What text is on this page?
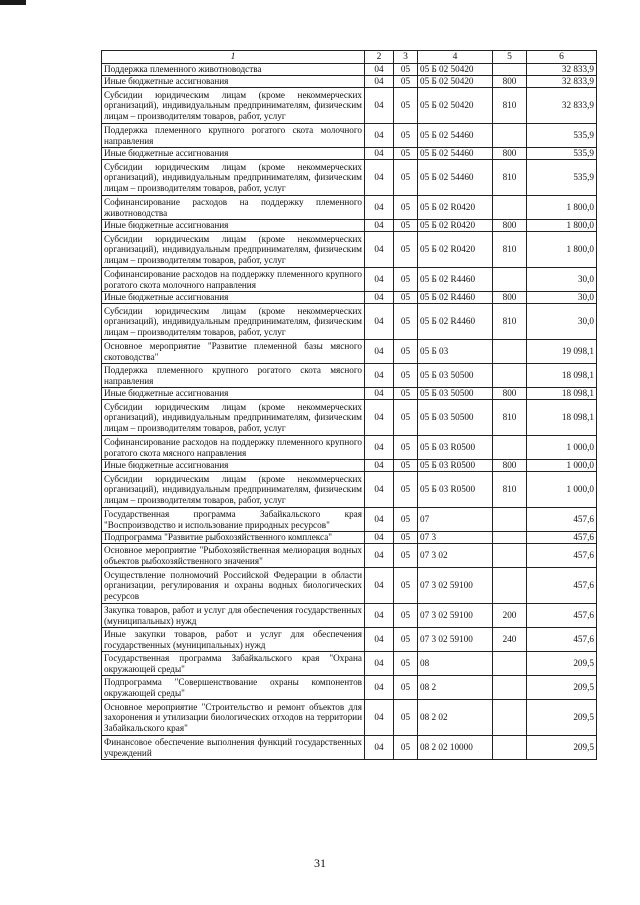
1	2	3	4	5	6
Поддержка племенного животноводства	04	05	05 Б 02 50420		32 833,9
Иные бюджетные ассигнования	04	05	05 Б 02 50420	800	32 833,9
Субсидии юридическим лицам (кроме некоммерческих организаций), индивидуальным предпринимателям, физическим лицам – производителям товаров, работ, услуг	04	05	05 Б 02 50420	810	32 833,9
Поддержка племенного крупного рогатого скота молочного направления	04	05	05 Б 02 54460		535,9
Иные бюджетные ассигнования	04	05	05 Б 02 54460	800	535,9
Субсидии юридическим лицам (кроме некоммерческих организаций), индивидуальным предпринимателям, физическим лицам – производителям товаров, работ, услуг	04	05	05 Б 02 54460	810	535,9
Софинансирование расходов на поддержку племенного животноводства	04	05	05 Б 02 R0420		1 800,0
Иные бюджетные ассигнования	04	05	05 Б 02 R0420	800	1 800,0
Субсидии юридическим лицам (кроме некоммерческих организаций), индивидуальным предпринимателям, физическим лицам – производителям товаров, работ, услуг	04	05	05 Б 02 R0420	810	1 800,0
Софинансирование расходов на поддержку племенного крупного рогатого скота молочного направления	04	05	05 Б 02 R4460		30,0
Иные бюджетные ассигнования	04	05	05 Б 02 R4460	800	30,0
Субсидии юридическим лицам (кроме некоммерческих организаций), индивидуальным предпринимателям, физическим лицам – производителям товаров, работ, услуг	04	05	05 Б 02 R4460	810	30,0
Основное мероприятие "Развитие племенной базы мясного скотоводства"	04	05	05 Б 03		19 098,1
Поддержка племенного крупного рогатого скота мясного направления	04	05	05 Б 03 50500		18 098,1
Иные бюджетные ассигнования	04	05	05 Б 03 50500	800	18 098,1
Субсидии юридическим лицам (кроме некоммерческих организаций), индивидуальным предпринимателям, физическим лицам – производителям товаров, работ, услуг	04	05	05 Б 03 50500	810	18 098,1
Софинансирование расходов на поддержку племенного крупного рогатого скота мясного направления	04	05	05 Б 03 R0500		1 000,0
Иные бюджетные ассигнования	04	05	05 Б 03 R0500	800	1 000,0
Субсидии юридическим лицам (кроме некоммерческих организаций), индивидуальным предпринимателям, физическим лицам – производителям товаров, работ, услуг	04	05	05 Б 03 R0500	810	1 000,0
Государственная программа Забайкальского края "Воспроизводство и использование природных ресурсов"	04	05	07		457,6
Подпрограмма "Развитие рыбохозяйственного комплекса"	04	05	07 3		457,6
Основное мероприятие "Рыбохозяйственная мелиорация водных объектов рыбохозяйственного значения"	04	05	07 3 02		457,6
Осуществление полномочий Российской Федерации в области организации, регулирования и охраны водных биологических ресурсов	04	05	07 3 02 59100		457,6
Закупка товаров, работ и услуг для обеспечения государственных (муниципальных) нужд	04	05	07 3 02 59100	200	457,6
Иные закупки товаров, работ и услуг для обеспечения государственных (муниципальных) нужд	04	05	07 3 02 59100	240	457,6
Государственная программа Забайкальского края "Охрана окружающей среды"	04	05	08		209,5
Подпрограмма "Совершенствование охраны компонентов окружающей среды"	04	05	08 2		209,5
Основное мероприятие "Строительство и ремонт объектов для захоронения и утилизации биологических отходов на территории Забайкальского края"	04	05	08 2 02		209,5
Финансовое обеспечение выполнения функций государственных учреждений	04	05	08 2 02 10000		209,5
31
